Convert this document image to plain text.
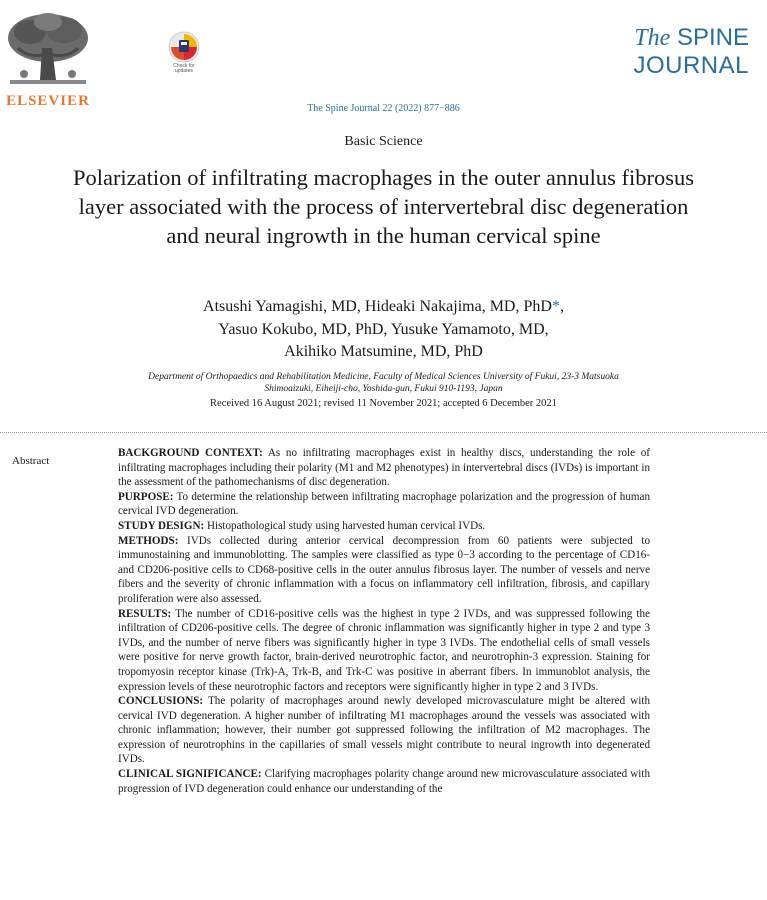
ELSEVIER
Check for updates
The SPINE
JOURNAL
The Spine Journal 22 (2022) 877−886
Basic Science
Polarization of infiltrating macrophages in the outer annulus fibrosus layer associated with the process of intervertebral disc degeneration and neural ingrowth in the human cervical spine
Atsushi Yamagishi, MD, Hideaki Nakajima, MD, PhD*,
Yasuo Kokubo, MD, PhD, Yusuke Yamamoto, MD,
Akihiko Matsumine, MD, PhD
Department of Orthopaedics and Rehabilitation Medicine, Faculty of Medical Sciences University of Fukui, 23-3 Matsuoka
Shimoaizuki, Eiheiji-cho, Yoshida-gun, Fukui 910-1193, Japan
Received 16 August 2021; revised 11 November 2021; accepted 6 December 2021
Abstract

BACKGROUND CONTEXT: As no infiltrating macrophages exist in healthy discs, understanding the role of infiltrating macrophages including their polarity (M1 and M2 phenotypes) in intervertebral discs (IVDs) is important in the assessment of the pathomechanisms of disc degeneration.

PURPOSE: To determine the relationship between infiltrating macrophage polarization and the progression of human cervical IVD degeneration.

STUDY DESIGN: Histopathological study using harvested human cervical IVDs.

METHODS: IVDs collected during anterior cervical decompression from 60 patients were subjected to immunostaining and immunoblotting. The samples were classified as type 0−3 according to the percentage of CD16- and CD206-positive cells to CD68-positive cells in the outer annulus fibrosus layer. The number of vessels and nerve fibers and the severity of chronic inflammation with a focus on inflammatory cell infiltration, fibrosis, and capillary proliferation were also assessed.

RESULTS: The number of CD16-positive cells was the highest in type 2 IVDs, and was suppressed following the infiltration of CD206-positive cells. The degree of chronic inflammation was significantly higher in type 2 and type 3 IVDs, and the number of nerve fibers was significantly higher in type 3 IVDs. The endothelial cells of small vessels were positive for nerve growth factor, brain-derived neurotrophic factor, and neurotrophin-3 expression. Staining for tropomyosin receptor kinase (Trk)-A, Trk-B, and Trk-C was positive in aberrant fibers. In immunoblot analysis, the expression levels of these neurotrophic factors and receptors were significantly higher in type 2 and 3 IVDs.

CONCLUSIONS: The polarity of macrophages around newly developed microvasculature might be altered with cervical IVD degeneration. A higher number of infiltrating M1 macrophages around the vessels was associated with chronic inflammation; however, their number got suppressed following the infiltration of M2 macrophages. The expression of neurotrophins in the capillaries of small vessels might contribute to neural ingrowth into degenerated IVDs.

CLINICAL SIGNIFICANCE: Clarifying macrophages polarity change around new microvasculature associated with progression of IVD degeneration could enhance our understanding of the
